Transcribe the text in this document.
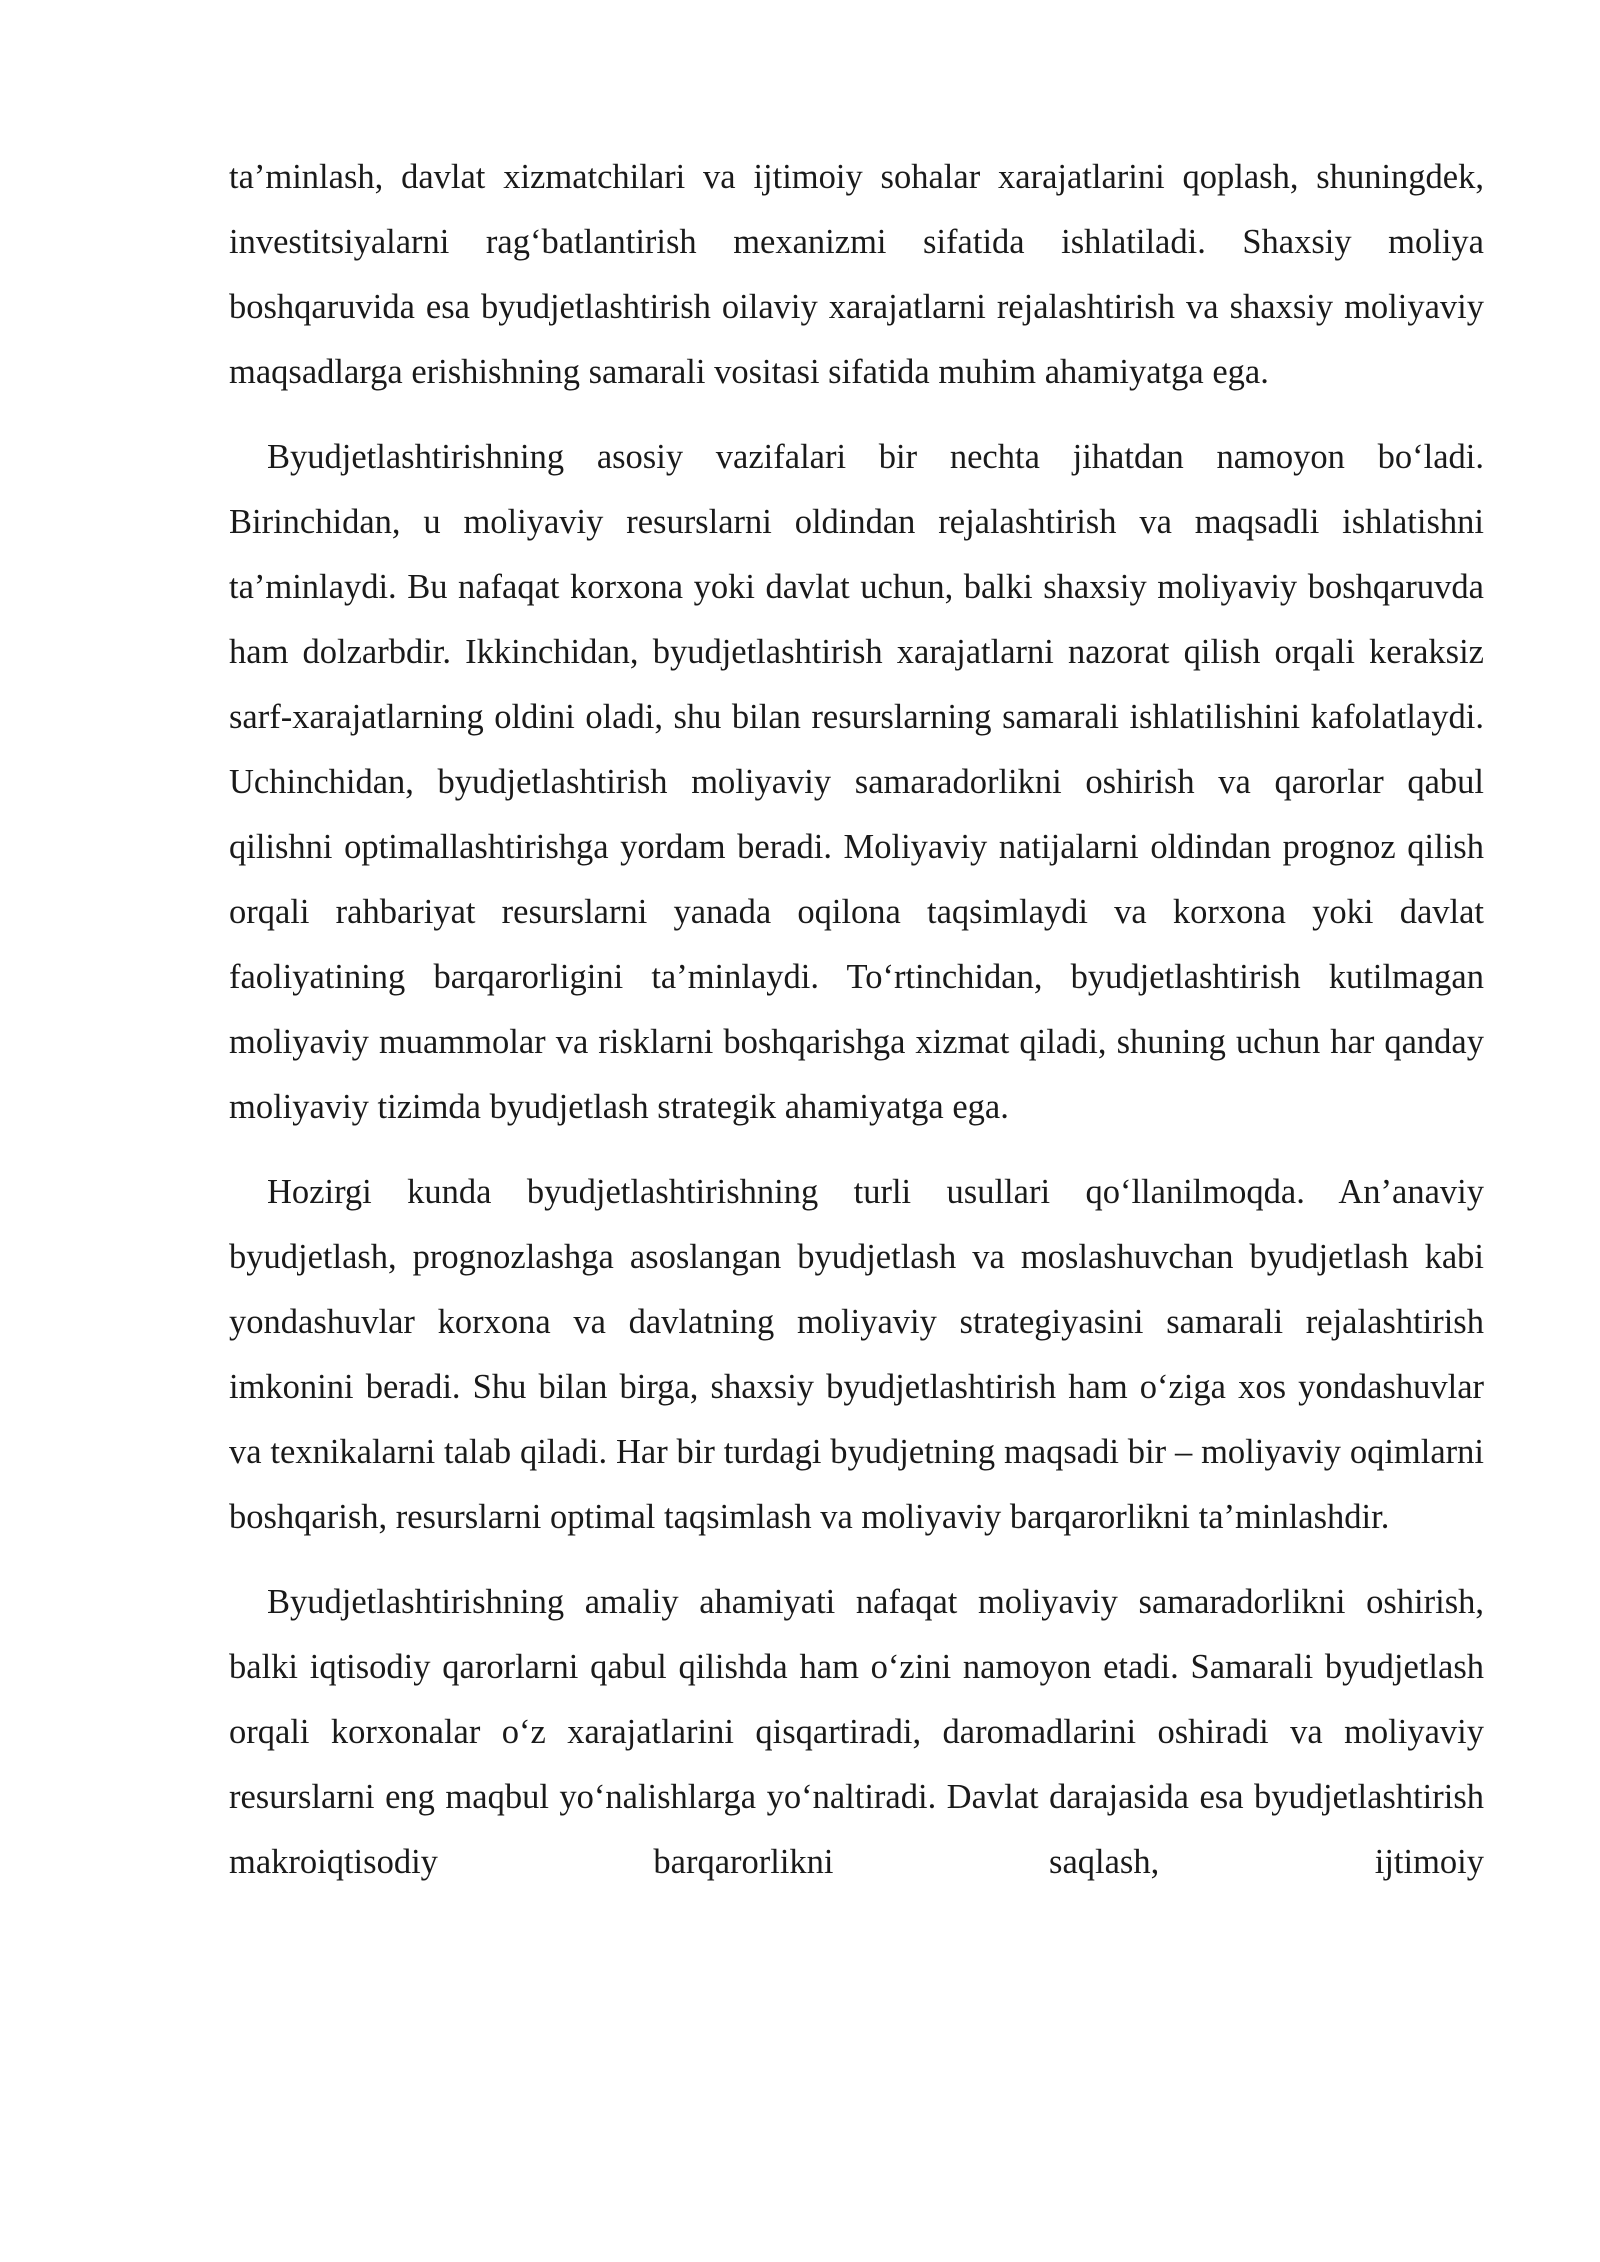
ta’minlash, davlat xizmatchilari va ijtimoiy sohalar xarajatlarini qoplash, shuningdek, investitsiyalarni rag‘batlantirish mexanizmi sifatida ishlatiladi. Shaxsiy moliya boshqaruvida esa byudjetlashtirish oilaviy xarajatlarni rejalashtirish va shaxsiy moliyaviy maqsadlarga erishishning samarali vositasi sifatida muhim ahamiyatga ega.

Byudjetlashtirishning asosiy vazifalari bir nechta jihatdan namoyon bo‘ladi. Birinchidan, u moliyaviy resurslarni oldindan rejalashtirish va maqsadli ishlatishni ta’minlaydi. Bu nafaqat korxona yoki davlat uchun, balki shaxsiy moliyaviy boshqaruvda ham dolzarbdir. Ikkinchidan, byudjetlashtirish xarajatlarni nazorat qilish orqali keraksiz sarf-xarajatlarning oldini oladi, shu bilan resurslarning samarali ishlatilishini kafolatlaydi. Uchinchidan, byudjetlashtirish moliyaviy samaradorlikni oshirish va qarorlar qabul qilishni optimallashtirishga yordam beradi. Moliyaviy natijalarni oldindan prognoz qilish orqali rahbariyat resurslarni yanada oqilona taqsimlaydi va korxona yoki davlat faoliyatining barqarorligini ta’minlaydi. To‘rtinchidan, byudjetlashtirish kutilmagan moliyaviy muammolar va risklarni boshqarishga xizmat qiladi, shuning uchun har qanday moliyaviy tizimda byudjetlash strategik ahamiyatga ega.

Hozirgi kunda byudjetlashtirishning turli usullari qo‘llanilmoqda. An’anaviy byudjetlash, prognozlashga asoslangan byudjetlash va moslashuvchan byudjetlash kabi yondashuvlar korxona va davlatning moliyaviy strategiyasini samarali rejalashtirish imkonini beradi. Shu bilan birga, shaxsiy byudjetlashtirish ham o‘ziga xos yondashuvlar va texnikalarni talab qiladi. Har bir turdagi byudjetning maqsadi bir – moliyaviy oqimlarni boshqarish, resurslarni optimal taqsimlash va moliyaviy barqarorlikni ta’minlashdir.

Byudjetlashtirishning amaliy ahamiyati nafaqat moliyaviy samaradorlikni oshirish, balki iqtisodiy qarorlarni qabul qilishda ham o‘zini namoyon etadi. Samarali byudjetlash orqali korxonalar o‘z xarajatlarini qisqartiradi, daromadlarini oshiradi va moliyaviy resurslarni eng maqbul yo‘nalishlarga yo‘naltiradi. Davlat darajasida esa byudjetlashtirish makroiqtisodiy barqarorlikni saqlash, ijtimoiy
